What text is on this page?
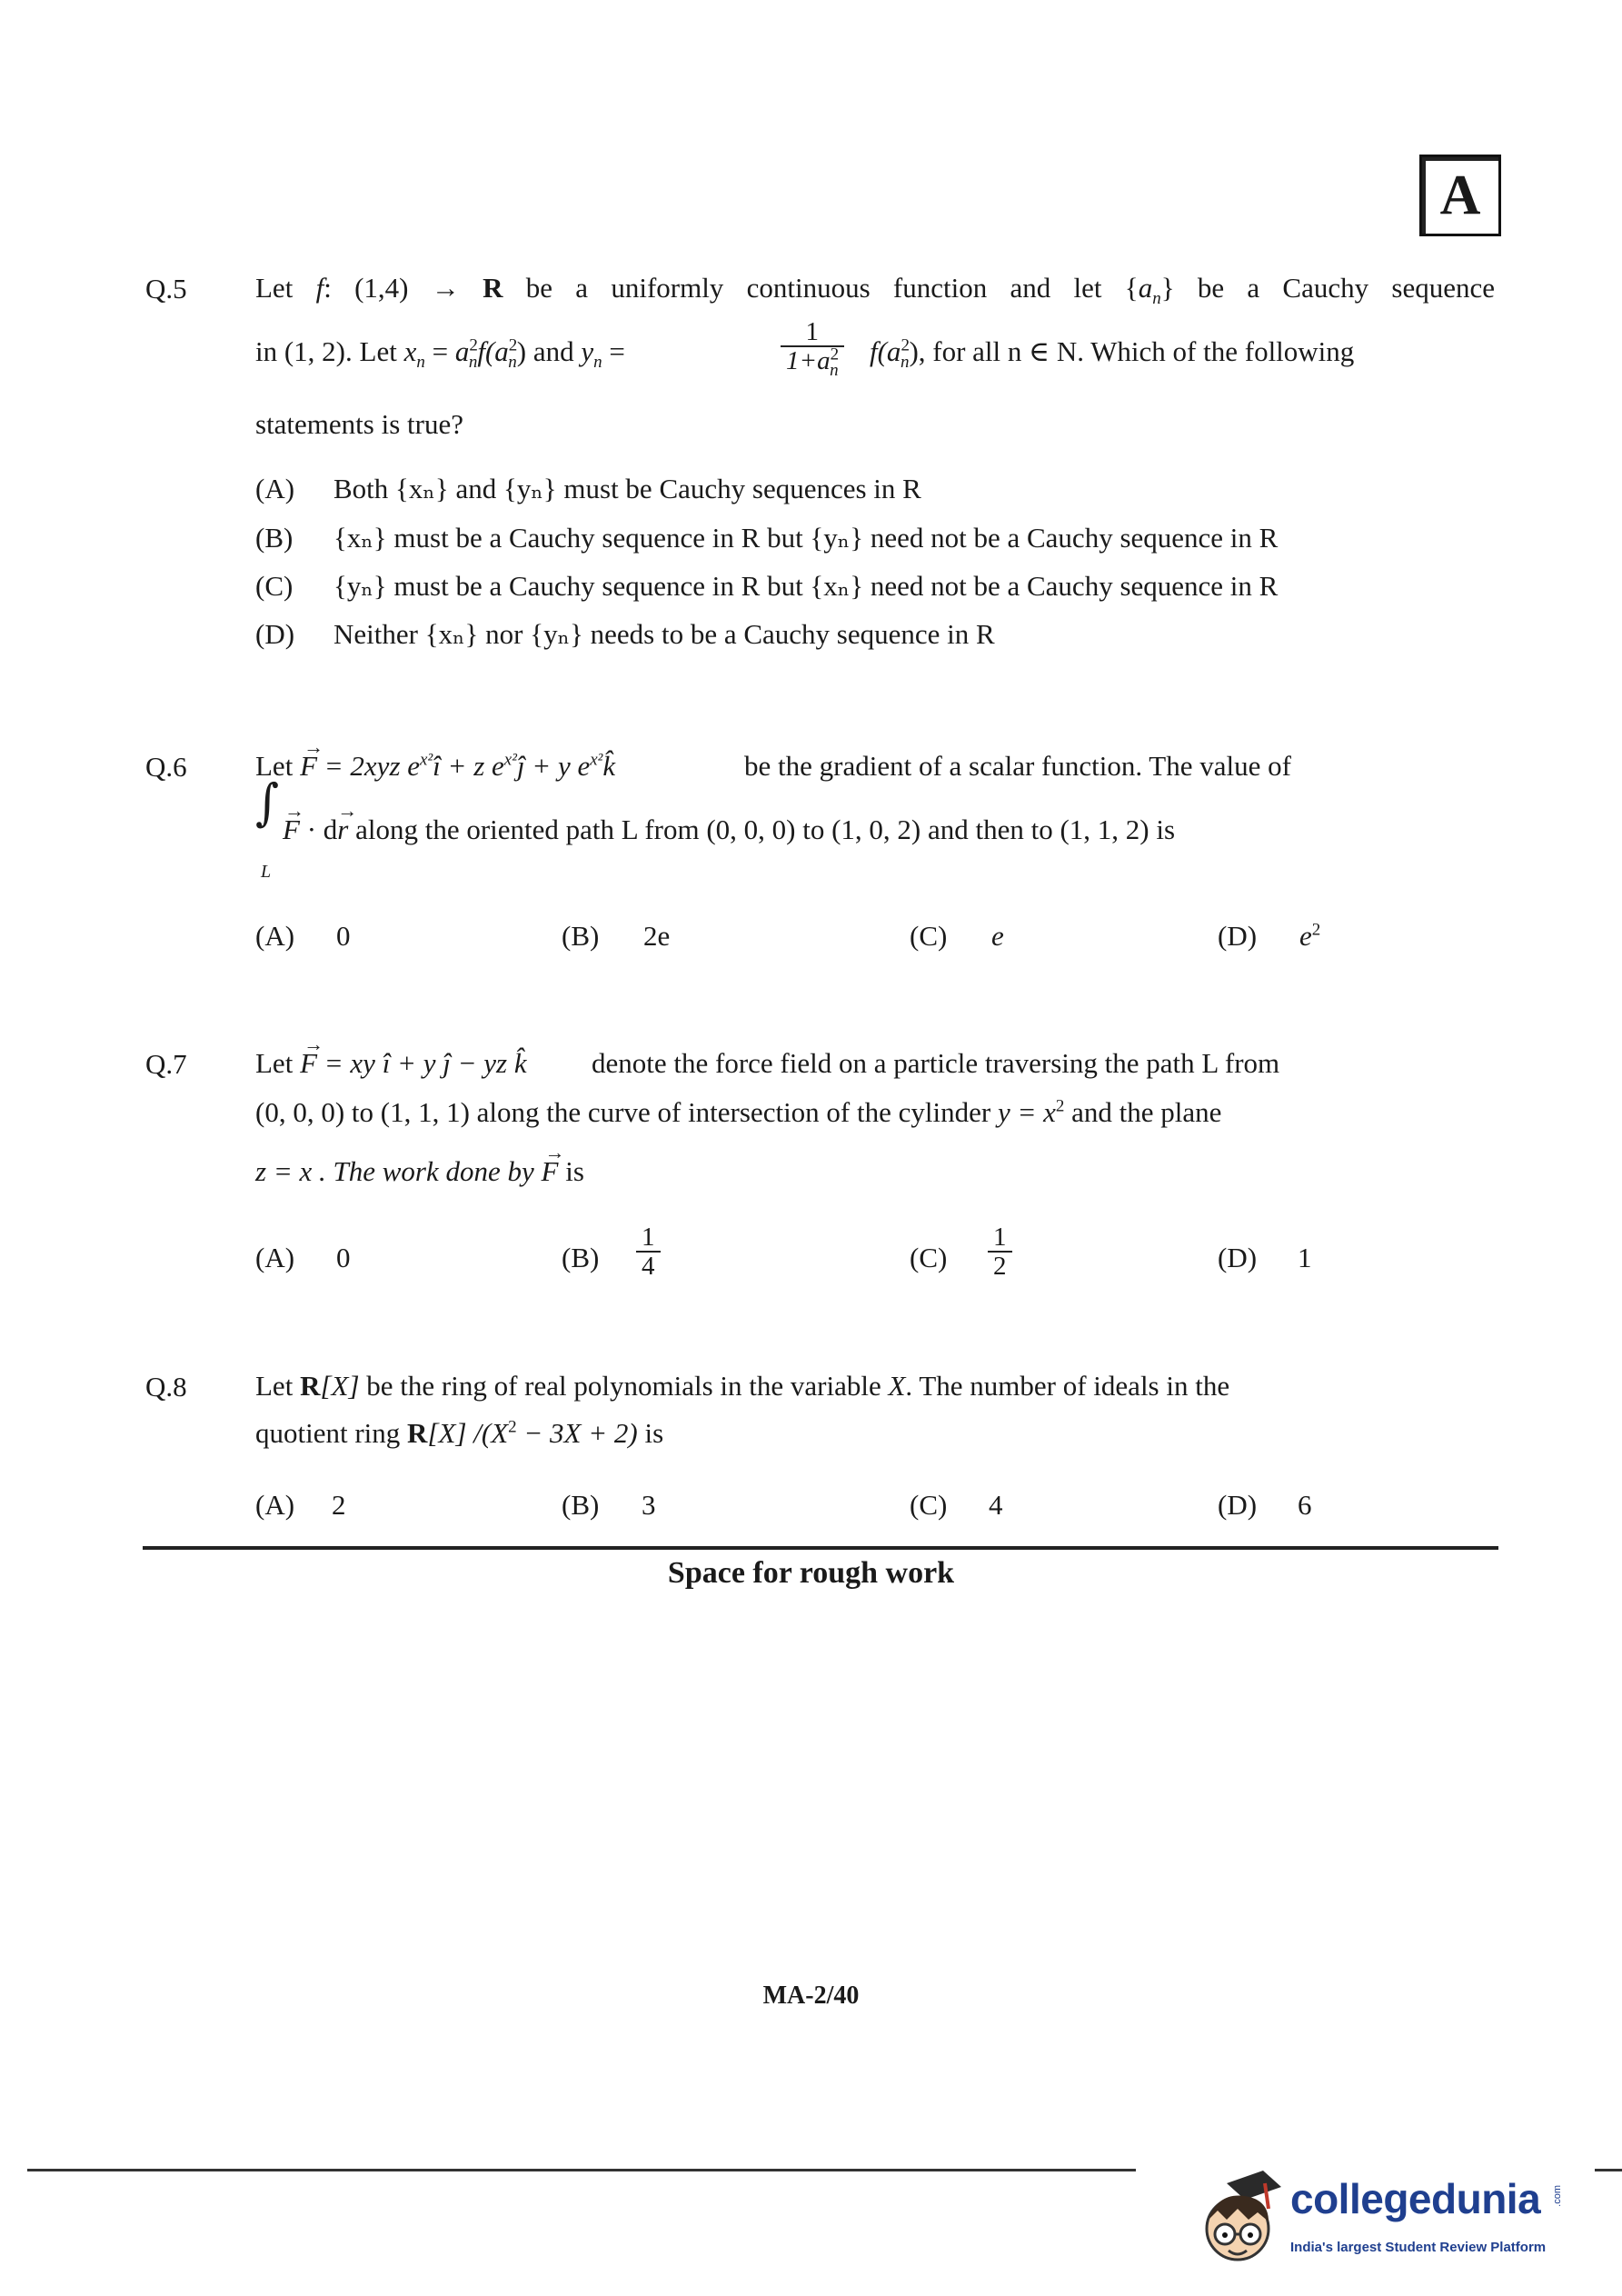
A
Q.5 Let f: (1,4) → R be a uniformly continuous function and let $\{a_n\}$ be a Cauchy sequence
in (1, 2). Let $x_n = a^2_nf(a^2_n)$ and $y_n$ =	$\frac{1}{1+a^2_n} f(a^2_n)$, for all n ∈ N. Which of the following
statements is true?
(A) Both {xₙ} and {yₙ} must be Cauchy sequences in R
(B) {xₙ} must be a Cauchy sequence in R but {yₙ} need not be a Cauchy sequence in R
(C) {yₙ} must be a Cauchy sequence in R but {xₙ} need not be a Cauchy sequence in R
(D) Neither {xₙ} nor {yₙ} needs to be a Cauchy sequence in R
Q.6 Let
→
F = 2xyz $e^{x^2}î + z$ $e^{x^2}ĵ + y$ $e^{x^2}k̂$	be the gradient of a scalar function. The value of
∫
L
→
F · d
→
r along the oriented path L from (0, 0, 0) to (1, 0, 2) and then to (1, 1, 2) is
(A) 0	(B) 2e	(C) e	(D) $e^2$
Q.7 Let
→
F = xy î + y ĵ − yz k̂ denote the force field on a particle traversing the path L from
(0, 0, 0) to (1, 1, 1) along the curve of intersection of the cylinder $y = x^2$ and the plane
z = x . The work done by
→
F is
(A) 0	$(B) \frac{1}{4}$	$(C) \frac{1}{2}$	(D) 1
Q.8 Let R[X] be the ring of real polynomials in the variable X. The number of ideals in the
quotient ring R[X] $/(X^2 - 3X + 2)$ is
(A) 2	(B) 3	(C) 4	(D) 6
Space for rough work
MA-2/40
collegedunia .com
India's largest Student Review Platform
